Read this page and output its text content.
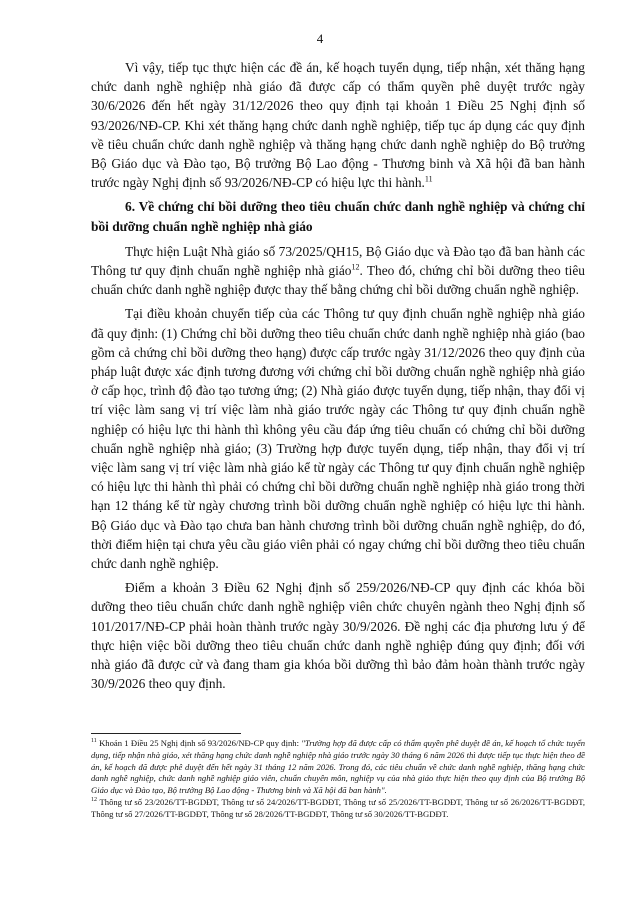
4

Vì vậy, tiếp tục thực hiện các đề án, kế hoạch tuyển dụng, tiếp nhận, xét thăng hạng chức danh nghề nghiệp nhà giáo đã được cấp có thẩm quyền phê duyệt trước ngày 30/6/2026 đến hết ngày 31/12/2026 theo quy định tại khoản 1 Điều 25 Nghị định số 93/2026/NĐ-CP. Khi xét thăng hạng chức danh nghề nghiệp, tiếp tục áp dụng các quy định về tiêu chuẩn chức danh nghề nghiệp và thăng hạng chức danh nghề nghiệp do Bộ trưởng Bộ Giáo dục và Đào tạo, Bộ trưởng Bộ Lao động - Thương binh và Xã hội đã ban hành trước ngày Nghị định số 93/2026/NĐ-CP có hiệu lực thi hành.$^{11}$

6. Về chứng chỉ bồi dưỡng theo tiêu chuẩn chức danh nghề nghiệp và chứng chỉ bồi dưỡng chuẩn nghề nghiệp nhà giáo

Thực hiện Luật Nhà giáo số 73/2025/QH15, Bộ Giáo dục và Đào tạo đã ban hành các Thông tư quy định chuẩn nghề nghiệp nhà giáo$^{12}$. Theo đó, chứng chỉ bồi dưỡng theo tiêu chuẩn chức danh nghề nghiệp được thay thế bằng chứng chỉ bồi dưỡng chuẩn nghề nghiệp.

Tại điều khoản chuyển tiếp của các Thông tư quy định chuẩn nghề nghiệp nhà giáo đã quy định: (1) Chứng chỉ bồi dưỡng theo tiêu chuẩn chức danh nghề nghiệp nhà giáo (bao gồm cả chứng chỉ bồi dưỡng theo hạng) được cấp trước ngày 31/12/2026 theo quy định của pháp luật được xác định tương đương với chứng chỉ bồi dưỡng chuẩn nghề nghiệp nhà giáo ở cấp học, trình độ đào tạo tương ứng; (2) Nhà giáo được tuyển dụng, tiếp nhận, thay đổi vị trí việc làm sang vị trí việc làm nhà giáo trước ngày các Thông tư quy định chuẩn nghề nghiệp có hiệu lực thi hành thì không yêu cầu đáp ứng tiêu chuẩn có chứng chỉ bồi dưỡng chuẩn nghề nghiệp nhà giáo; (3) Trường hợp được tuyển dụng, tiếp nhận, thay đổi vị trí việc làm sang vị trí việc làm nhà giáo kể từ ngày các Thông tư quy định chuẩn nghề nghiệp có hiệu lực thi hành thì phải có chứng chỉ bồi dưỡng chuẩn nghề nghiệp nhà giáo trong thời hạn 12 tháng kể từ ngày chương trình bồi dưỡng chuẩn nghề nghiệp có hiệu lực thi hành. Bộ Giáo dục và Đào tạo chưa ban hành chương trình bồi dưỡng chuẩn nghề nghiệp, do đó, thời điểm hiện tại chưa yêu cầu giáo viên phải có ngay chứng chỉ bồi dưỡng theo tiêu chuẩn chức danh nghề nghiệp.

Điểm a khoản 3 Điều 62 Nghị định số 259/2026/NĐ-CP quy định các khóa bồi dưỡng theo tiêu chuẩn chức danh nghề nghiệp viên chức chuyên ngành theo Nghị định số 101/2017/NĐ-CP phải hoàn thành trước ngày 30/9/2026. Đề nghị các địa phương lưu ý để thực hiện việc bồi dưỡng theo tiêu chuẩn chức danh nghề nghiệp đúng quy định; đối với nhà giáo đã được cử và đang tham gia khóa bồi dưỡng thì bảo đảm hoàn thành trước ngày 30/9/2026 theo quy định.

$^{11}$ Khoản 1 Điều 25 Nghị định số 93/2026/NĐ-CP quy định: "Trường hợp đã được cấp có thẩm quyền phê duyệt đề án, kế hoạch tổ chức tuyển dụng, tiếp nhận nhà giáo, xét thăng hạng chức danh nghề nghiệp nhà giáo trước ngày 30 tháng 6 năm 2026 thì được tiếp tục thực hiện theo đề án, kế hoạch đã được phê duyệt đến hết ngày 31 tháng 12 năm 2026. Trong đó, các tiêu chuẩn về chức danh nghề nghiệp, thăng hạng chức danh nghề nghiệp, chức danh nghề nghiệp giáo viên, chuẩn chuyên môn, nghiệp vụ của nhà giáo thực hiện theo quy định của Bộ trưởng Bộ Giáo dục và Đào tạo, Bộ trưởng Bộ Lao động - Thương binh và Xã hội đã ban hành".

$^{12}$ Thông tư số 23/2026/TT-BGDĐT, Thông tư số 24/2026/TT-BGDĐT, Thông tư số 25/2026/TT-BGDĐT, Thông tư số 26/2026/TT-BGDĐT, Thông tư số 27/2026/TT-BGDĐT, Thông tư số 28/2026/TT-BGDĐT, Thông tư số 30/2026/TT-BGDĐT.
